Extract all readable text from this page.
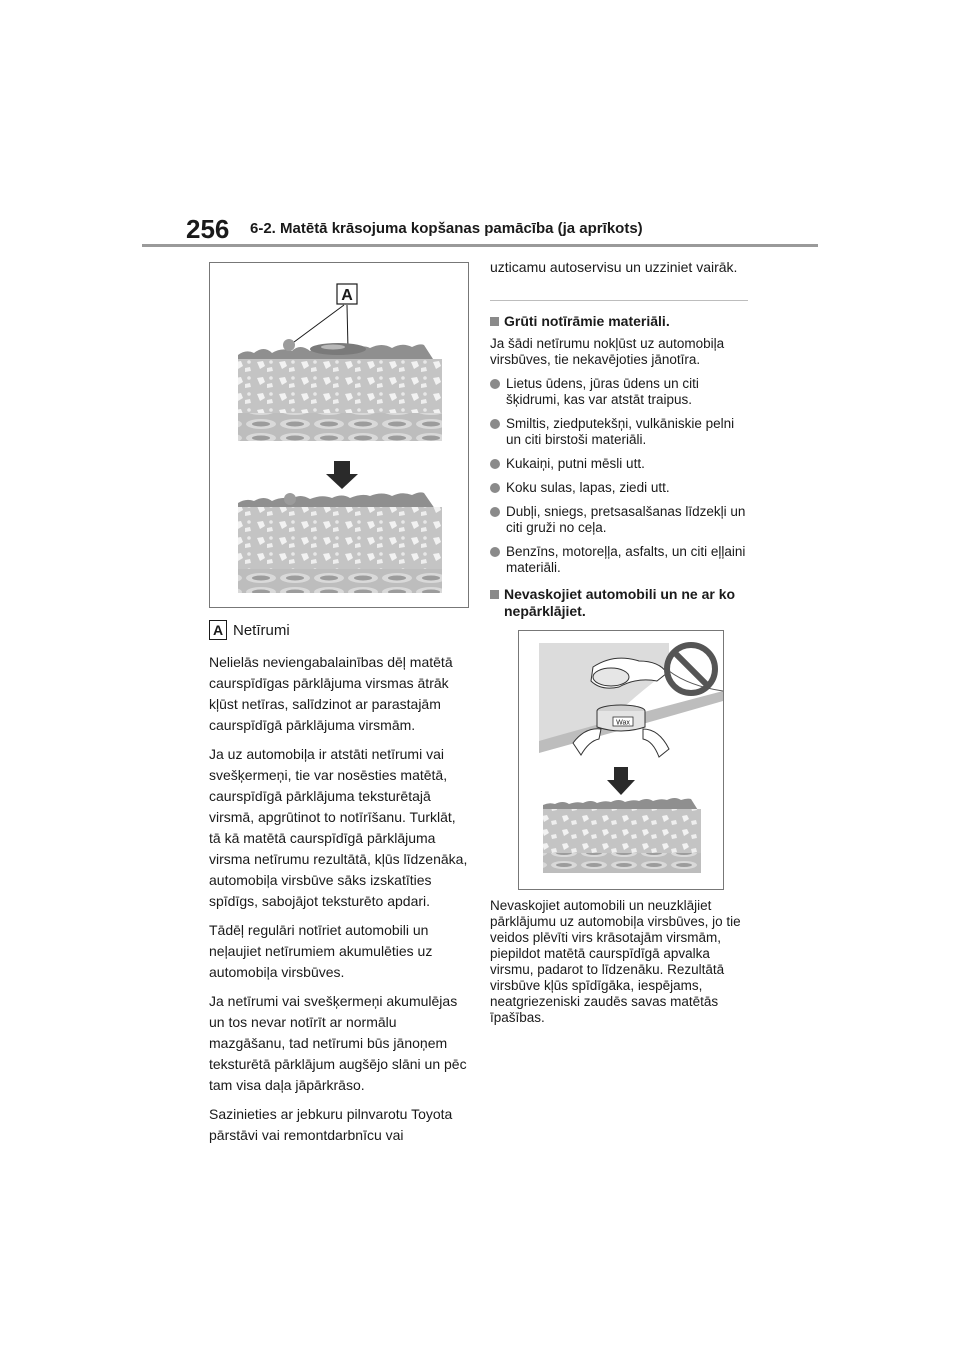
256 6-2. Matētā krāsojuma kopšanas pamācība (ja aprīkots)
A
A Netīrumi

Nelielās neviengabalainības dēļ matētā caurspīdīgas pārklājuma virsmas ātrāk kļūst netīras, salīdzinot ar parastajām caurspīdīgā pārklājuma virsmām.

Ja uz automobiļa ir atstāti netīrumi vai svešķermeņi, tie var nosēsties matētā, caurspīdīgā pārklājuma teksturētajā virsmā, apgrūtinot to notīrīšanu. Turklāt, tā kā matētā caurspīdīgā pārklājuma virsma netīrumu rezultātā, kļūs līdzenāka, automobiļa virsbūve sāks izskatīties spīdīgs, sabojājot teksturēto apdari.

Tādēļ regulāri notīriet automobili un neļaujiet netīrumiem akumulēties uz automobiļa virsbūves.

Ja netīrumi vai svešķermeņi akumulējas un tos nevar notīrīt ar normālu mazgāšanu, tad netīrumi būs jānoņem teksturētā pārklājum augšējo slāni un pēc tam visa daļa jāpārkrāso.

Sazinieties ar jebkuru pilnvarotu Toyota pārstāvi vai remontdarbnīcu vai

uzticamu autoservisu un uzziniet vairāk.
Grūti notīrāmie materiāli.
Ja šādi netīrumu nokļūst uz automobiļa virsbūves, tie nekavējoties jānotīra.
Lietus ūdens, jūras ūdens un citi šķidrumi, kas var atstāt traipus.
Smiltis, ziedputekšņi, vulkāniskie pelni un citi birstoši materiāli.
Kukaiņi, putni mēsli utt.
Koku sulas, lapas, ziedi utt.
Dubļi, sniegs, pretsasalšanas līdzekļi un citi gruži no ceļa.
Benzīns, motoreļļa, asfalts, un citi eļļaini materiāli.
Nevaskojiet automobili un ne ar ko nepārklājiet.
Wax
Nevaskojiet automobili un neuzklājiet pārklājumu uz automobiļa virsbūves, jo tie veidos plēvīti virs krāsotajām virsmām, piepildot matētā caurspīdīgā apvalka virsmu, padarot to līdzenāku. Rezultātā virsbūve kļūs spīdīgāka, iespējams, neatgriezeniski zaudēs savas matētās īpašības.
